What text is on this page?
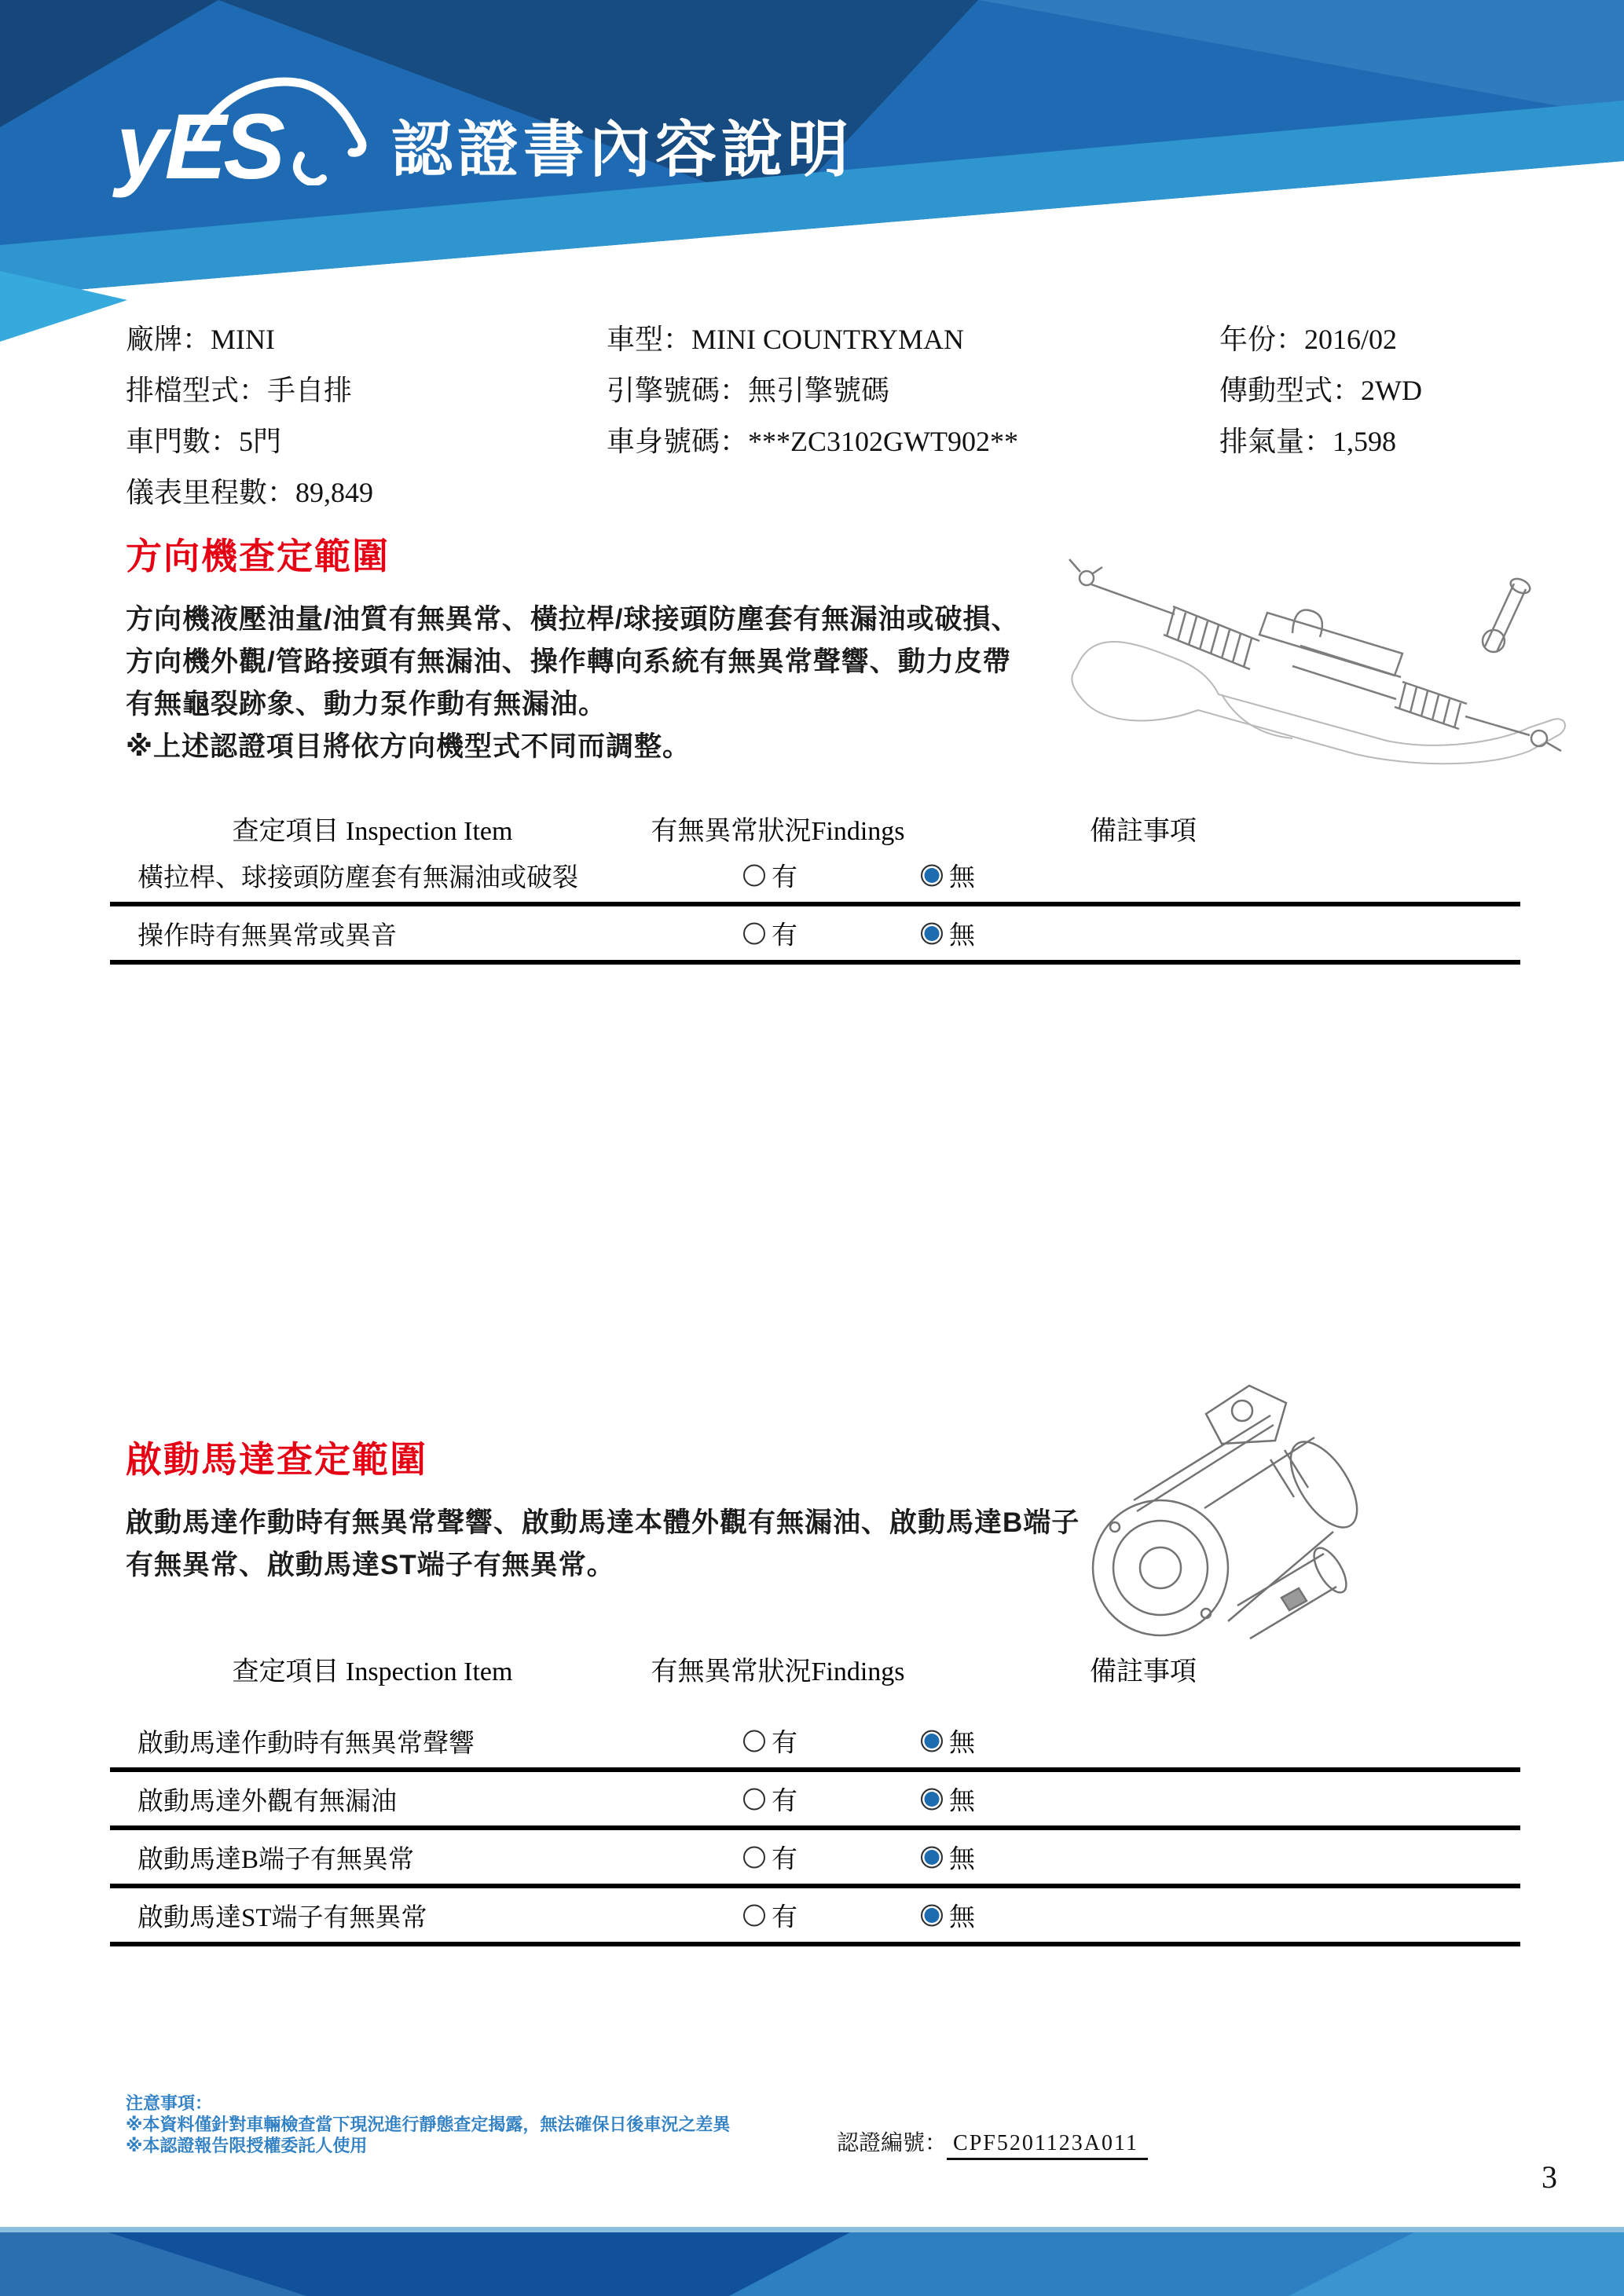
yES 認證書內容說明
廠牌：MINI
排檔型式：手自排
車門數：5門
儀表里程數：89,849
車型：MINI COUNTRYMAN
引擎號碼：無引擎號碼
車身號碼：***ZC3102GWT902**
年份：2016/02
傳動型式：2WD
排氣量：1,598
方向機查定範圍
方向機液壓油量/油質有無異常、橫拉桿/球接頭防塵套有無漏油或破損、
方向機外觀/管路接頭有無漏油、操作轉向系統有無異常聲響、動力皮帶
有無龜裂跡象、動力泵作動有無漏油。
※上述認證項目將依方向機型式不同而調整。
查定項目 Inspection Item	有無異常狀況Findings	備註事項
橫拉桿、球接頭防塵套有無漏油或破裂	有	無
操作時有無異常或異音	有	無
啟動馬達查定範圍
啟動馬達作動時有無異常聲響、啟動馬達本體外觀有無漏油、啟動馬達B端子
有無異常、啟動馬達ST端子有無異常。
查定項目 Inspection Item	有無異常狀況Findings	備註事項
啟動馬達作動時有無異常聲響	有	無
啟動馬達外觀有無漏油	有	無
啟動馬達B端子有無異常	有	無
啟動馬達ST端子有無異常	有	無
注意事項：
※本資料僅針對車輛檢查當下現況進行靜態查定揭露，無法確保日後車況之差異
※本認證報告限授權委託人使用	認證編號： CPF5201123A011
3
